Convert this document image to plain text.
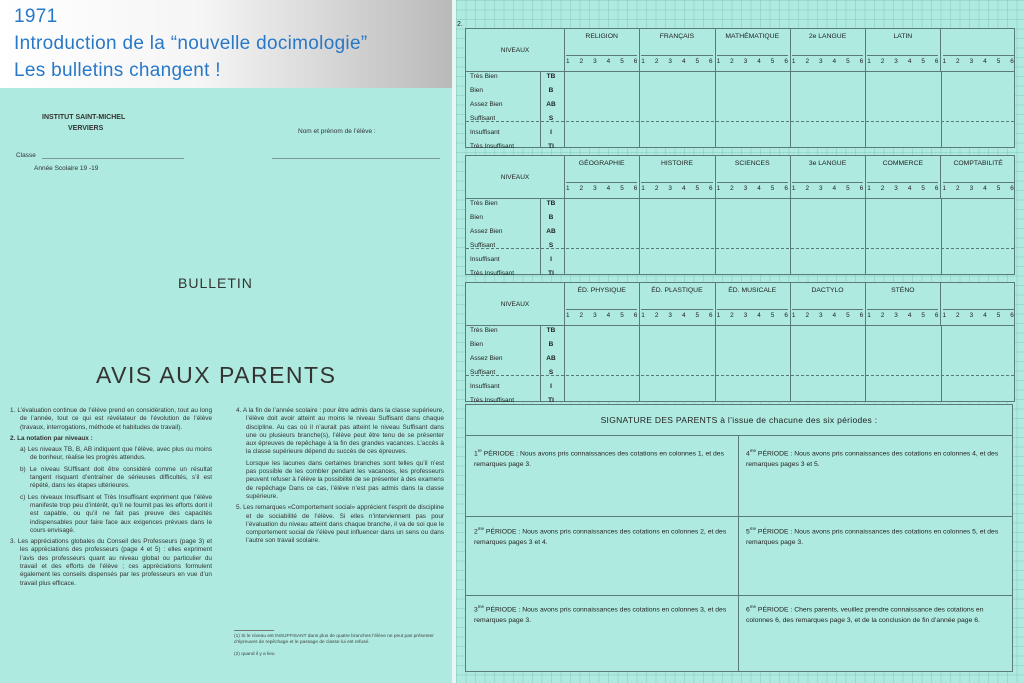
1971
Introduction de la “nouvelle docimologie”
Les bulletins changent !
INSTITUT SAINT-MICHEL
VERVIERS	Nom et prénom de l’élève :
Classe
Année Scolaire 19 -19
BULLETIN
AVIS AUX PARENTS

1. L’évaluation continue de l’élève prend en considération, tout au long de l’année, tout ce qui est révélateur de l’évolution de l’élève (travaux, interrogations, méthode et habitudes de travail).

2. La notation par niveaux :

a) Les niveaux TB, B, AB indiquent que l’élève, avec plus ou moins de bonheur, réalise les progrès attendus.

b) Le niveau SUffisant doit être considéré comme un résultat tangent risquant d’entraîner de sérieuses difficultés, s’il est répété, dans les étapes ultérieures.

c) Les niveaux Insuffisant et Très Insuffisant expriment que l’élève manifeste trop peu d’intérêt, qu’il ne fournit pas les efforts dont il est capable, ou qu’il ne fait pas preuve des capacités indispensables pour faire face aux exigences prévues dans le cours envisagé.

3. Les appréciations globales du Conseil des Professeurs (page 3) et les appréciations des professeurs (page 4 et 5) : elles expriment l’avis des professeurs quant au niveau global ou particulier du travail et des efforts de l’élève ; ces appréciations formulent également les conseils dispensés par les professeurs en vue d’un travail plus efficace.

4. A la fin de l’année scolaire : pour être admis dans la classe supérieure, l’élève doit avoir atteint au moins le niveau Suffisant dans chaque discipline. Au cas où il n’aurait pas atteint le niveau Suffisant dans une ou plusieurs branche(s), l’élève peut être tenu de se présenter aux épreuves de repêchage à la fin des grandes vacances. L’accès à la classe supérieure dépend du succès de ces épreuves.

Lorsque les lacunes dans certaines branches sont telles qu’il n’est pas possible de les combler pendant les vacances, les professeurs peuvent refuser à l’élève la possibilité de se présenter à des examens de repêchage Dans ce cas, l’élève n’est pas admis dans la classe supérieure.

5. Les remarques «Comportement social» apprécient l’esprit de discipline et de sociabilité de l’élève. Si elles n’interviennent pas pour l’évaluation du niveau atteint dans chaque branche, il va de soi que le comportement social de l’élève peut influencer dans un sens ou dans l’autre son travail scolaire.

(1) Si le niveau est INSUFFISANT dans plus de quatre branches l’élève ne peut pas présenter d’épreuves de repêchage et le passage de classe lui est refusé.
(2) quand il y a lieu
2.
NIVEAUX
RELIGION
1 2 3 4 5 6
FRANÇAIS
1 2 3 4 5 6
MATHÉMATIQUE
1 2 3 4 5 6
2e LANGUE
1 2 3 4 5 6
LATIN
1 2 3 4 5 6 1 2 3 4 5 6
Très Bien	TB
Bien	B
Assez Bien	AB
Suffisant	S
Insuffisant	I
Très Insuffisant	TI
NIVEAUX
GÉOGRAPHIE
1 2 3 4 5 6
HISTOIRE
1 2 3 4 5 6
SCIENCES
1 2 3 4 5 6
3e LANGUE
1 2 3 4 5 6
COMMERCE
1 2 3 4 5 6
COMPTABILITÉ
1 2 3 4 5 6
Très Bien	TB
Bien	B
Assez Bien	AB
Suffisant	S
Insuffisant	I
Très Insuffisant	TI
NIVEAUX
ÉD. PHYSIQUE
1 2 3 4 5 6
ÉD. PLASTIQUE
1 2 3 4 5 6
ÉD. MUSICALE
1 2 3 4 5 6
DACTYLO
1 2 3 4 5 6
STÉNO
1 2 3 4 5 6 1 2 3 4 5 6
Très Bien	TB
Bien	B
Assez Bien	AB
Suffisant	S
Insuffisant	I
Très Insuffisant	TI
SIGNATURE DES PARENTS à l’issue de chacune des six périodes :
1re PÉRIODE : Nous avons pris connaissances des cotations en colonnes 1, et des remarques page 3.
$4^{me}$ PÉRIODE : Nous avons pris connaissances des cotations en colonnes 4, et des remarques pages 3 et 5.
$2^{me}$ PÉRIODE : Nous avons pris connaissances des cotations en colonnes 2, et des remarques pages 3 et 4.
$5^{me}$ PÉRIODE : Nous avons pris connaissances des cotations en colonnes 5, et des remarques page 3.
$3^{me}$ PÉRIODE : Nous avons pris connaissances des cotations en colonnes 3, et des remarques page 3.
$6^{me}$ PÉRIODE : Chers parents, veuillez prendre connaissance des cotations en colonnes 6, des remarques page 3, et de la conclusion de fin d’année page 6.
